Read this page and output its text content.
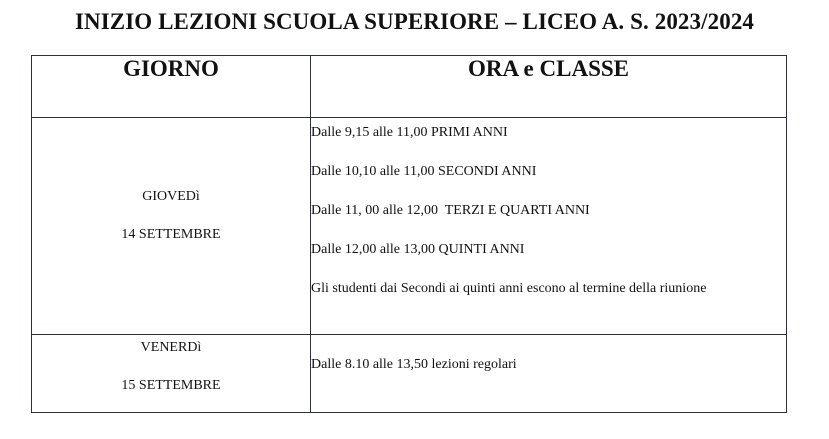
INIZIO LEZIONI SCUOLA SUPERIORE – LICEO A. S. 2023/2024
GIORNO	ORA e CLASSE

GIOVEDì
14 SETTEMBRE	Dalle 9,15 alle 11,00 PRIMI ANNI
Dalle 10,10 alle 11,00 SECONDI ANNI
Dalle 11, 00 alle 12,00  TERZI E QUARTI ANNI
Dalle 12,00 alle 13,00 QUINTI ANNI
Gli studenti dai Secondi ai quinti anni escono al termine della riunione

VENERDì
15 SETTEMBRE	Dalle 8.10 alle 13,50 lezioni regolari
